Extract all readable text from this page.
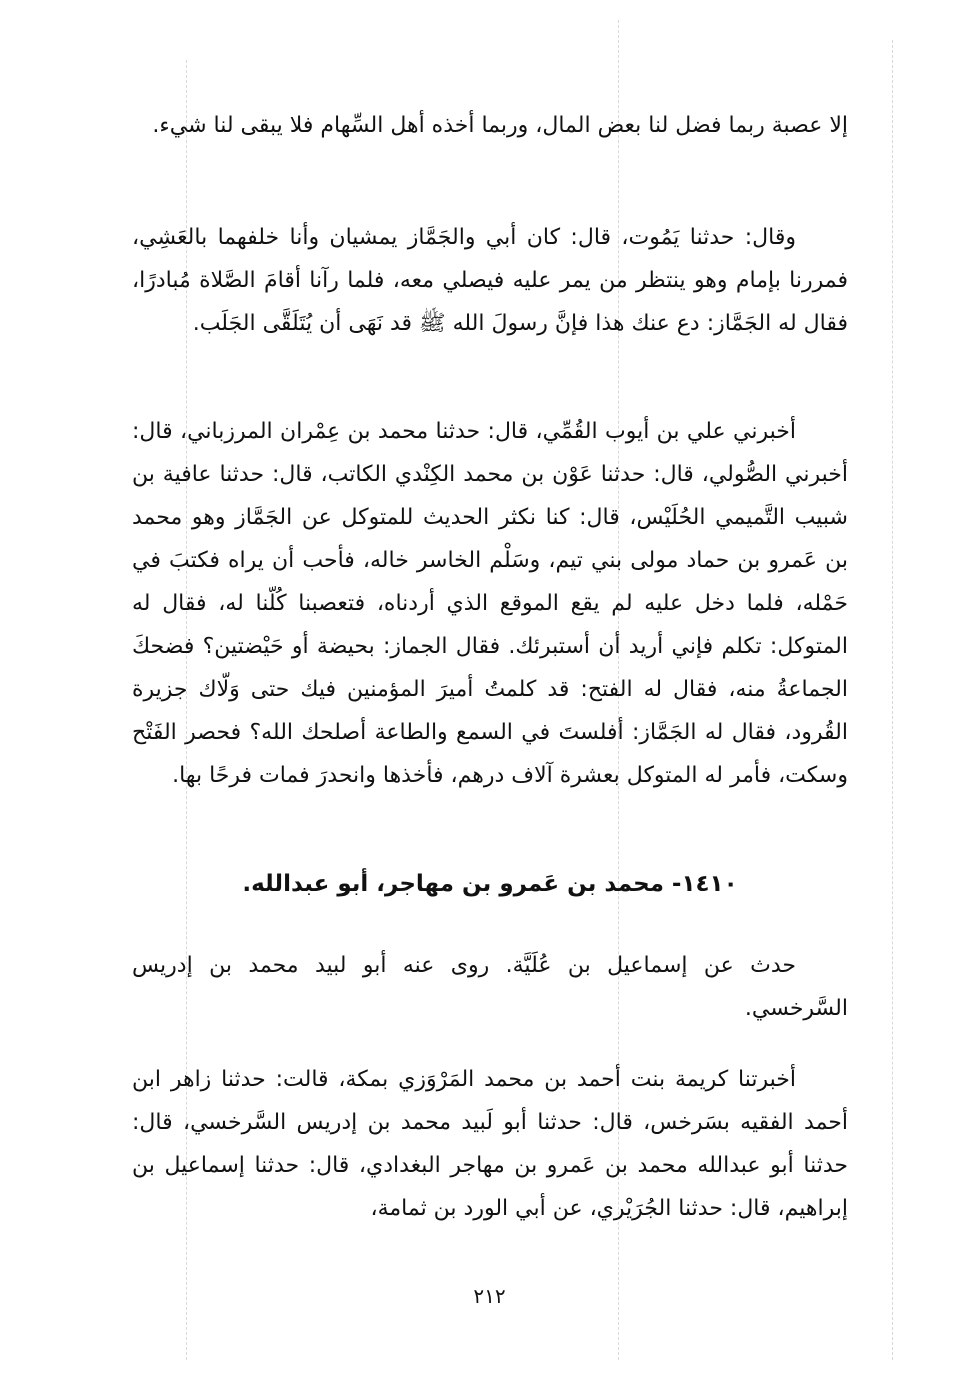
إلا عصبة ربما فضل لنا بعض المال، وربما أخذه أهل السِّهام فلا يبقى لنا شيء.

وقال: حدثنا يَمُوت، قال: كان أبي والجَمَّاز يمشيان وأنا خلفهما بالعَشِي، فمررنا بإمام وهو ينتظر من يمر عليه فيصلي معه، فلما رآنا أقامَ الصَّلاة مُبادرًا، فقال له الجَمَّاز: دع عنك هذا فإنَّ رسولَ الله ﷺ قد نَهَى أن يُتَلَقَّى الجَلَب.

أخبرني علي بن أيوب القُمِّي، قال: حدثنا محمد بن عِمْران المرزباني، قال: أخبرني الصُّولي، قال: حدثنا عَوْن بن محمد الكِنْدي الكاتب، قال: حدثنا عافية بن شبيب التَّميمي الحُلَيْس، قال: كنا نكثر الحديث للمتوكل عن الجَمَّاز وهو محمد بن عَمرو بن حماد مولى بني تيم، وسَلْم الخاسر خاله، فأحب أن يراه فكتبَ في حَمْله، فلما دخل عليه لم يقع الموقع الذي أردناه، فتعصبنا كُلّنا له، فقال له المتوكل: تكلم فإني أريد أن أستبرئك. فقال الجماز: بحيضة أو حَيْضتين؟ فضحكَ الجماعةُ منه، فقال له الفتح: قد كلمتُ أميرَ المؤمنين فيك حتى وَلّاك جزيرة القُرود، فقال له الجَمَّاز: أفلستَ في السمع والطاعة أصلحك الله؟ فحصر الفَتْح وسكت، فأمر له المتوكل بعشرة آلاف درهم، فأخذها وانحدرَ فمات فرحًا بها.

١٤١٠- محمد بن عَمرو بن مهاجر، أبو عبدالله.

حدث عن إسماعيل بن عُلَيَّة. روى عنه أبو لبيد محمد بن إدريس السَّرخسي.

أخبرتنا كريمة بنت أحمد بن محمد المَرْوَزي بمكة، قالت: حدثنا زاهر ابن أحمد الفقيه بسَرخس، قال: حدثنا أبو لَبيد محمد بن إدريس السَّرخسي، قال: حدثنا أبو عبدالله محمد بن عَمرو بن مهاجر البغدادي، قال: حدثنا إسماعيل بن إبراهيم، قال: حدثنا الجُرَيْري، عن أبي الورد بن ثمامة،

٢١٢
